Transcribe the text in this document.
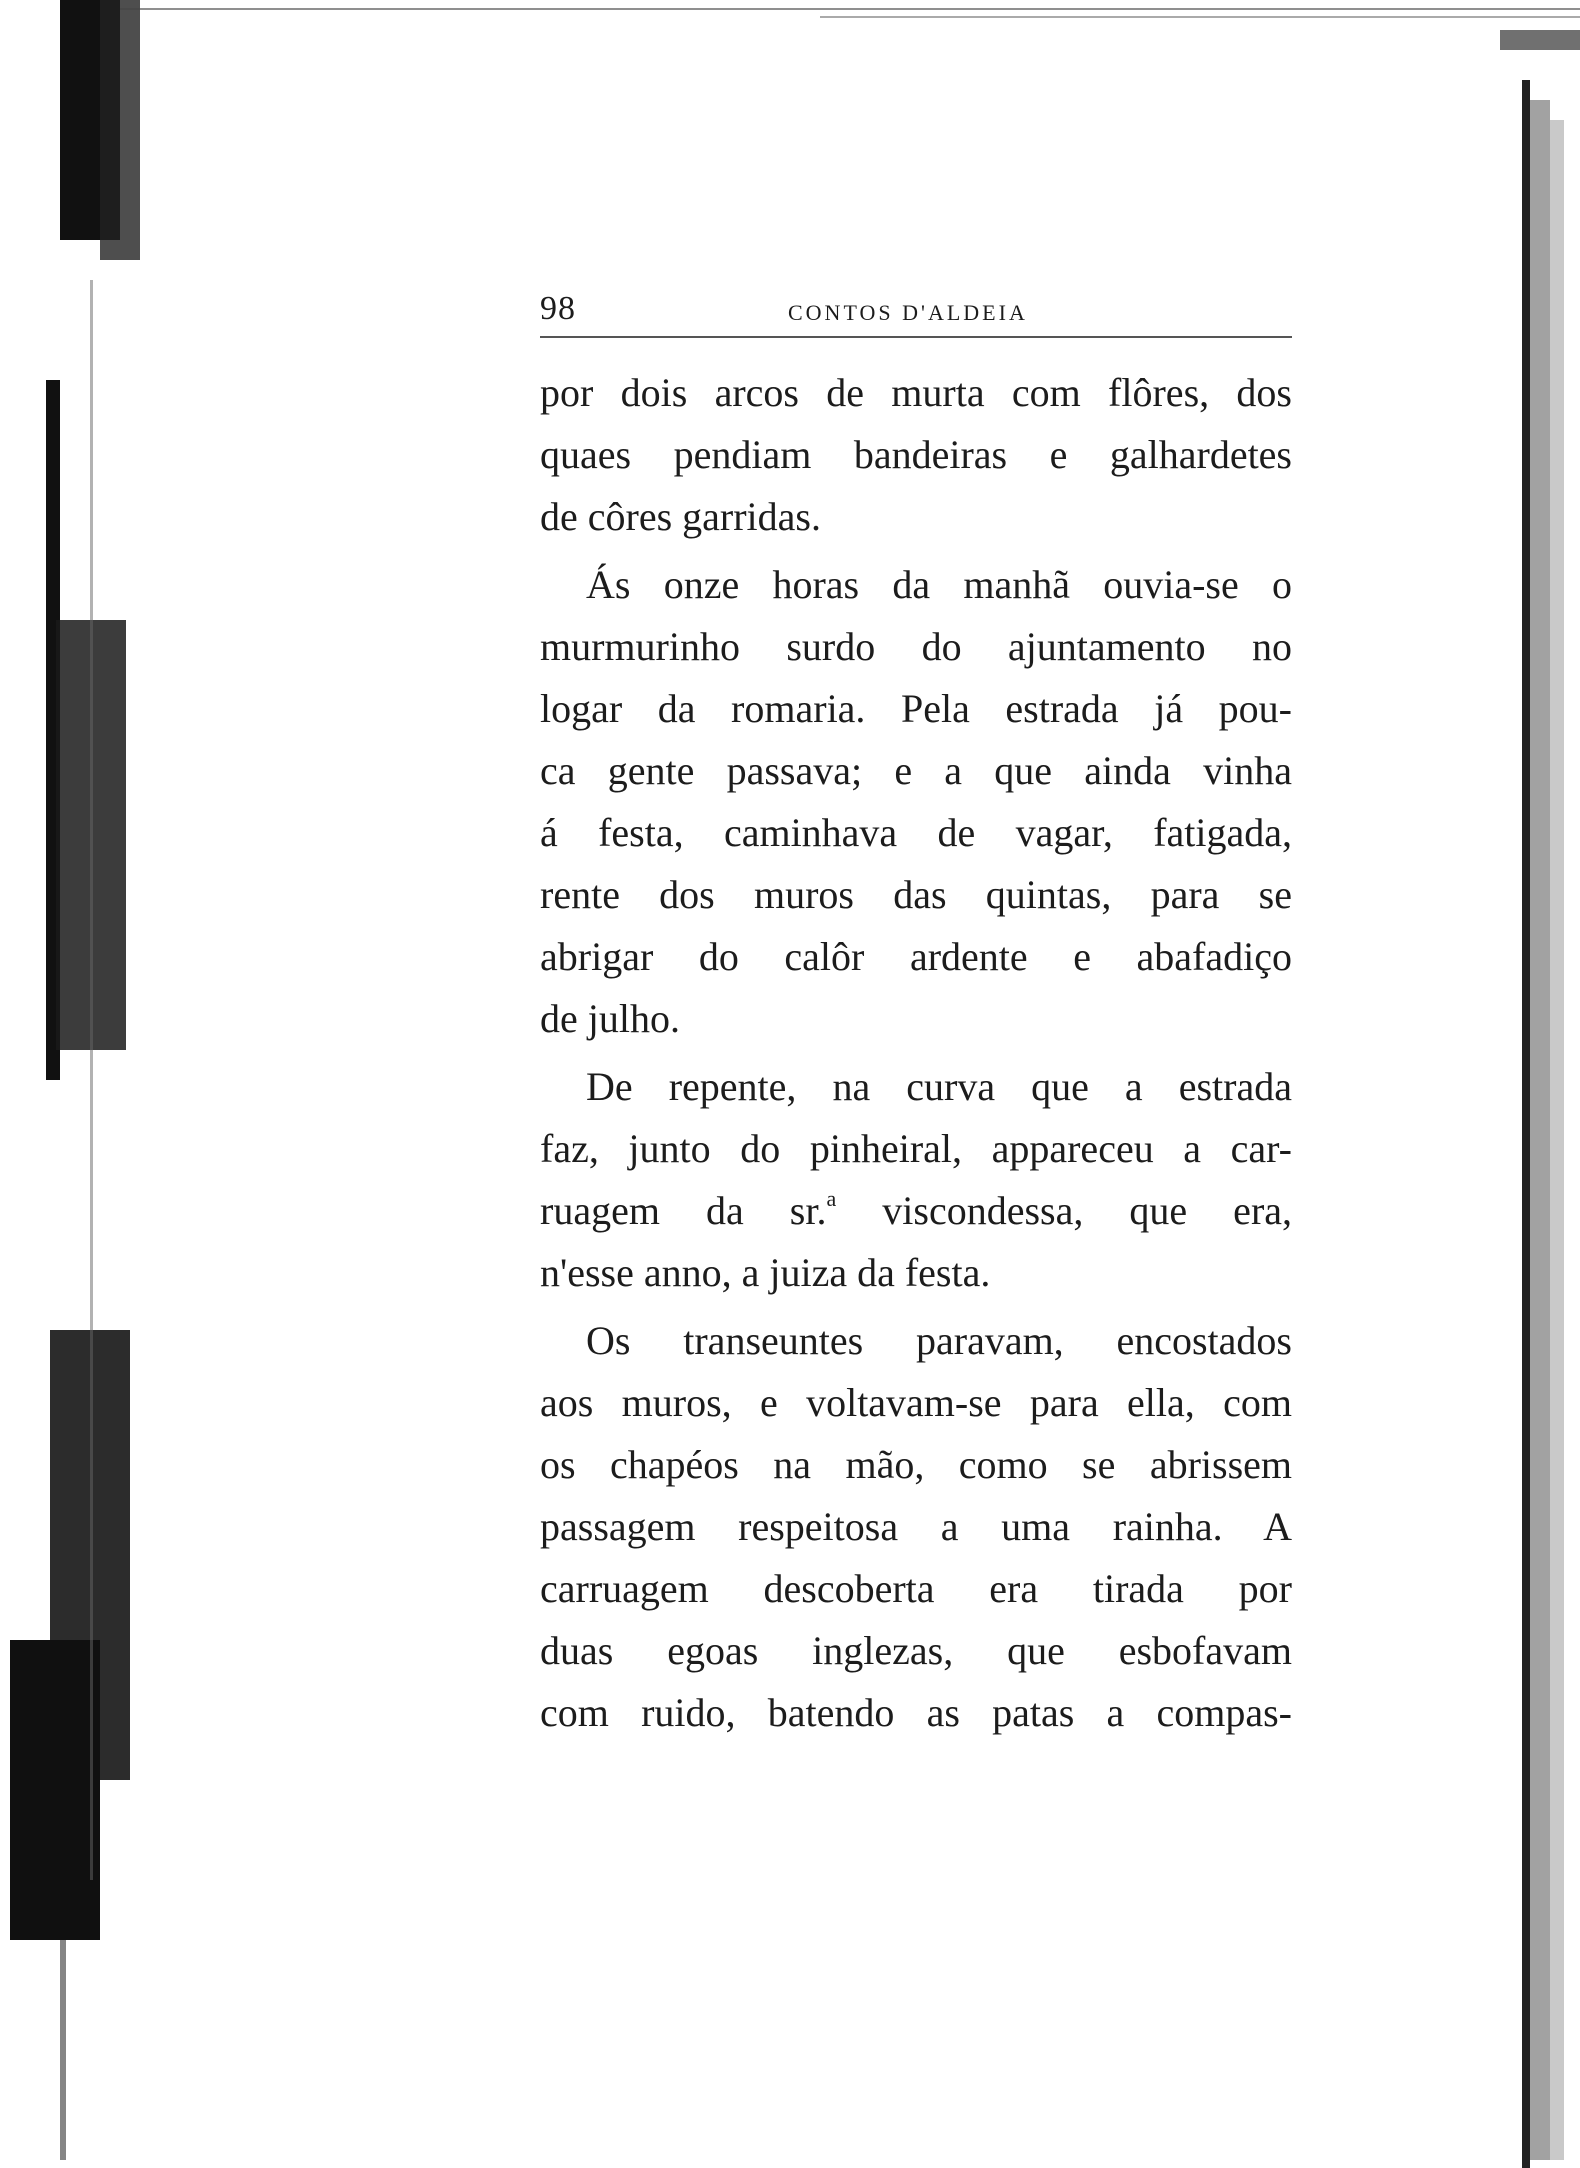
98	CONTOS D'ALDEIA
por dois arcos de murta com flôres, dos
quaes pendiam bandeiras e galhardetes
de côres garridas.
Ás onze horas da manhã ouvia-se o
murmurinho surdo do ajuntamento no
logar da romaria. Pela estrada já pou-
ca gente passava; e a que ainda vinha
á festa, caminhava de vagar, fatigada,
rente dos muros das quintas, para se
abrigar do calôr ardente e abafadiço
de julho.
De repente, na curva que a estrada
faz, junto do pinheiral, appareceu a car-
ruagem da sr.$^a$ viscondessa, que era,
n'esse anno, a juiza da festa.
Os transeuntes paravam, encostados
aos muros, e voltavam-se para ella, com
os chapéos na mão, como se abrissem
passagem respeitosa a uma rainha. A
carruagem descoberta era tirada por
duas egoas inglezas, que esbofavam
com ruido, batendo as patas a compas-
